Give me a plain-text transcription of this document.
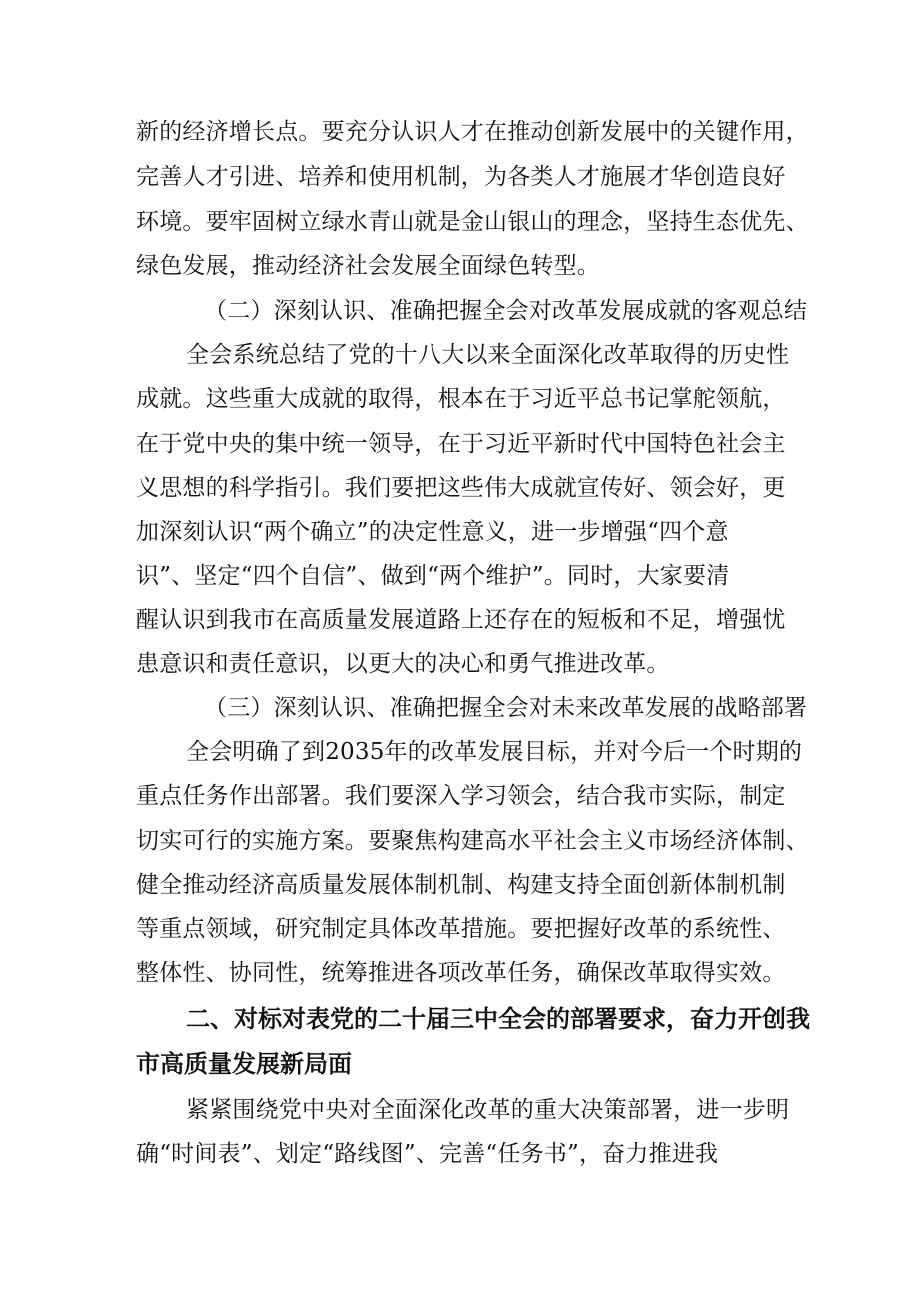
新的经济增长点。要充分认识人才在推动创新发展中的关键作用，
完善人才引进、培养和使用机制，为各类人才施展才华创造良好
环境。要牢固树立绿水青山就是金山银山的理念，坚持生态优先、
绿色发展，推动经济社会发展全面绿色转型。
（二）深刻认识、准确把握全会对改革发展成就的客观总结
全会系统总结了党的十八大以来全面深化改革取得的历史性
成就。这些重大成就的取得，根本在于习近平总书记掌舵领航，
在于党中央的集中统一领导，在于习近平新时代中国特色社会主
义思想的科学指引。我们要把这些伟大成就宣传好、领会好，更
加深刻认识“两个确立”的决定性意义，进一步增强“四个意
识”、坚定“四个自信”、做到“两个维护”。同时，大家要清
醒认识到我市在高质量发展道路上还存在的短板和不足，增强忧
患意识和责任意识，以更大的决心和勇气推进改革。
（三）深刻认识、准确把握全会对未来改革发展的战略部署
全会明确了到2035年的改革发展目标，并对今后一个时期的
重点任务作出部署。我们要深入学习领会，结合我市实际，制定
切实可行的实施方案。要聚焦构建高水平社会主义市场经济体制、
健全推动经济高质量发展体制机制、构建支持全面创新体制机制
等重点领域，研究制定具体改革措施。要把握好改革的系统性、
整体性、协同性，统筹推进各项改革任务，确保改革取得实效。
二、对标对表党的二十届三中全会的部署要求，奋力开创我
市高质量发展新局面
紧紧围绕党中央对全面深化改革的重大决策部署，进一步明
确“时间表”、划定“路线图”、完善“任务书”，奋力推进我
